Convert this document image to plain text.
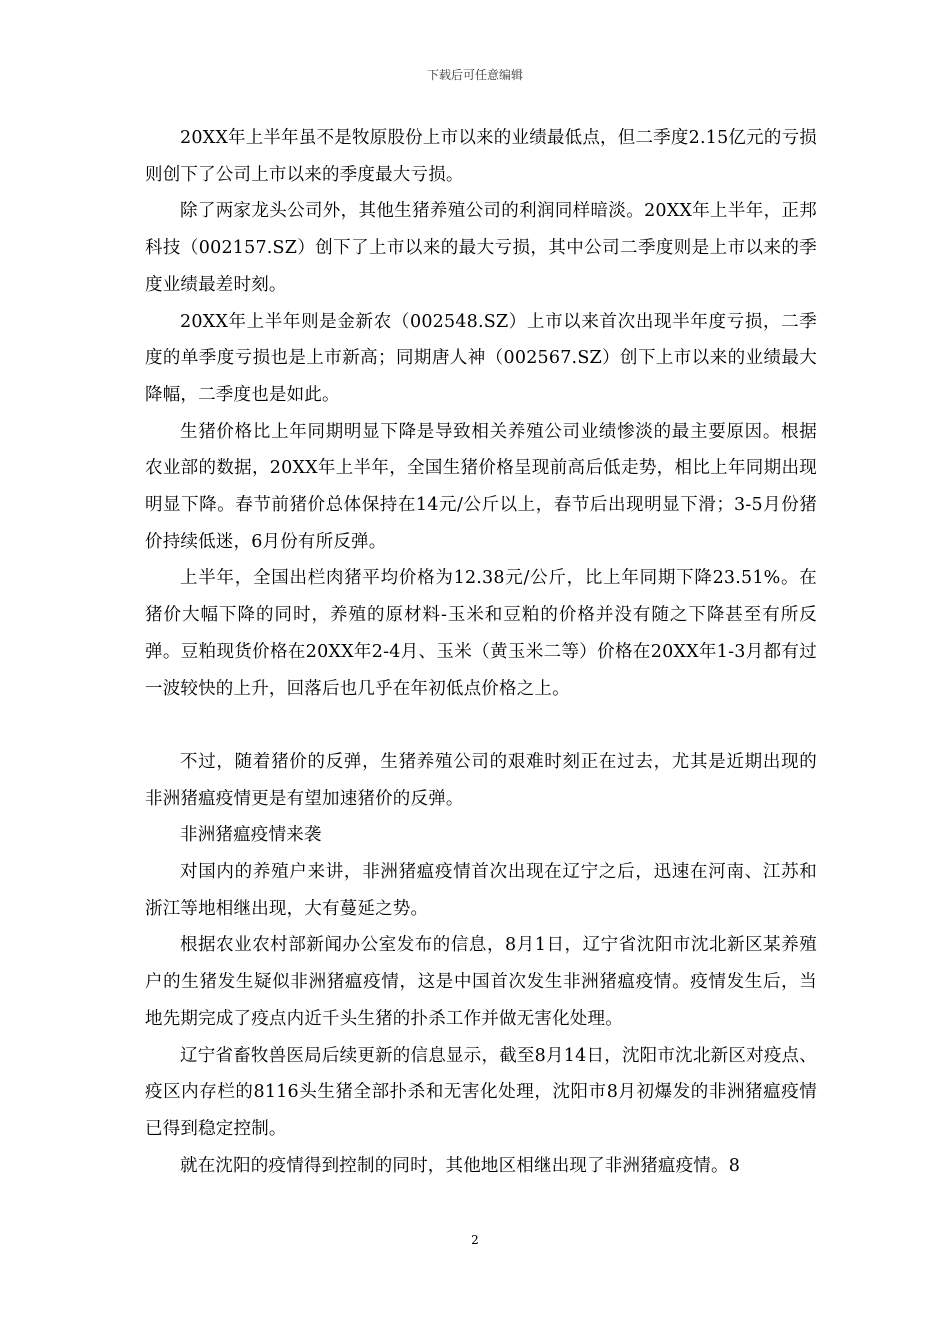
下载后可任意编辑

20XX年上半年虽不是牧原股份上市以来的业绩最低点，但二季度2.15亿元的亏损则创下了公司上市以来的季度最大亏损。

除了两家龙头公司外，其他生猪养殖公司的利润同样暗淡。20XX年上半年，正邦科技（002157.SZ）创下了上市以来的最大亏损，其中公司二季度则是上市以来的季度业绩最差时刻。

20XX年上半年则是金新农（002548.SZ）上市以来首次出现半年度亏损，二季度的单季度亏损也是上市新高；同期唐人神（002567.SZ）创下上市以来的业绩最大降幅，二季度也是如此。

生猪价格比上年同期明显下降是导致相关养殖公司业绩惨淡的最主要原因。根据农业部的数据，20XX年上半年，全国生猪价格呈现前高后低走势，相比上年同期出现明显下降。春节前猪价总体保持在14元/公斤以上，春节后出现明显下滑；3-5月份猪价持续低迷，6月份有所反弹。

上半年，全国出栏肉猪平均价格为12.38元/公斤，比上年同期下降23.51%。在猪价大幅下降的同时，养殖的原材料-玉米和豆粕的价格并没有随之下降甚至有所反弹。豆粕现货价格在20XX年2-4月、玉米（黄玉米二等）价格在20XX年1-3月都有过一波较快的上升，回落后也几乎在年初低点价格之上。

不过，随着猪价的反弹，生猪养殖公司的艰难时刻正在过去，尤其是近期出现的非洲猪瘟疫情更是有望加速猪价的反弹。

非洲猪瘟疫情来袭

对国内的养殖户来讲，非洲猪瘟疫情首次出现在辽宁之后，迅速在河南、江苏和浙江等地相继出现，大有蔓延之势。

根据农业农村部新闻办公室发布的信息，8月1日，辽宁省沈阳市沈北新区某养殖户的生猪发生疑似非洲猪瘟疫情，这是中国首次发生非洲猪瘟疫情。疫情发生后，当地先期完成了疫点内近千头生猪的扑杀工作并做无害化处理。

辽宁省畜牧兽医局后续更新的信息显示，截至8月14日，沈阳市沈北新区对疫点、疫区内存栏的8116头生猪全部扑杀和无害化处理，沈阳市8月初爆发的非洲猪瘟疫情已得到稳定控制。

就在沈阳的疫情得到控制的同时，其他地区相继出现了非洲猪瘟疫情。8

2
